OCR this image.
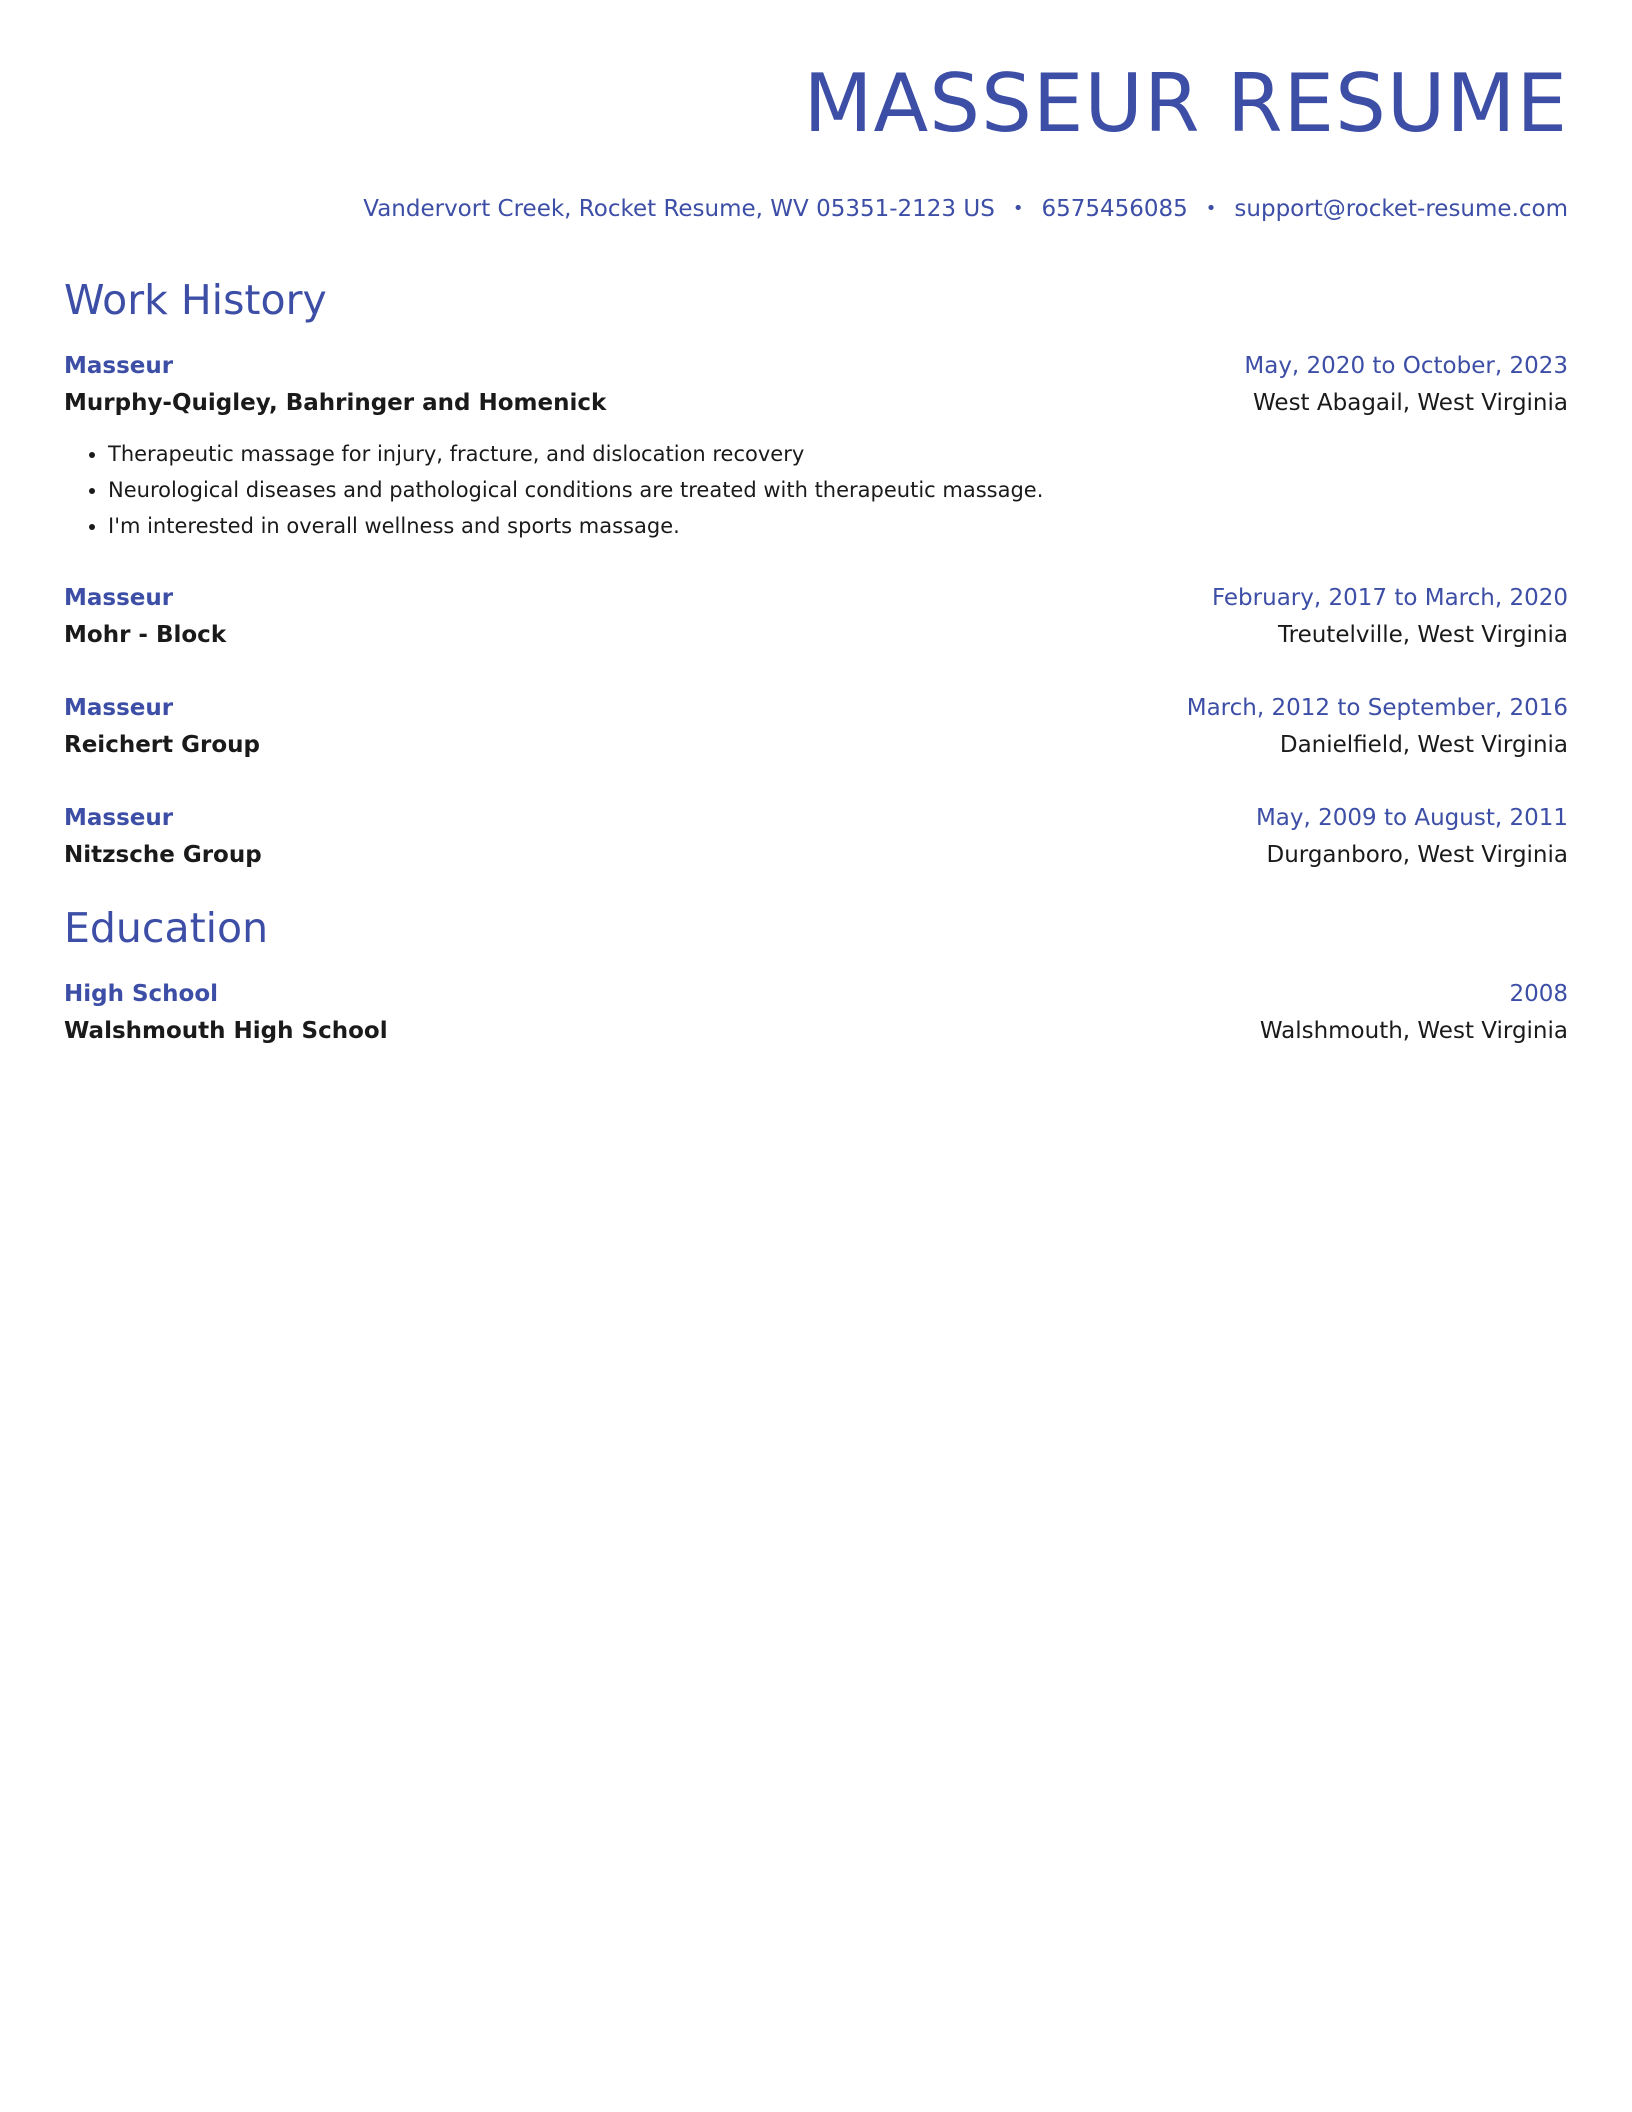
MASSEUR RESUME
Vandervort Creek, Rocket Resume, WV 05351-2123 US • 6575456085 • support@rocket-resume.com
Work History
Masseur	May, 2020 to October, 2023
Murphy-Quigley, Bahringer and Homenick	West Abagail, West Virginia
• Therapeutic massage for injury, fracture, and dislocation recovery
• Neurological diseases and pathological conditions are treated with therapeutic massage.
• I'm interested in overall wellness and sports massage.
Masseur	February, 2017 to March, 2020
Mohr - Block	Treutelville, West Virginia
Masseur	March, 2012 to September, 2016
Reichert Group	Danielfield, West Virginia
Masseur	May, 2009 to August, 2011
Nitzsche Group	Durganboro, West Virginia
Education
High School	2008
Walshmouth High School	Walshmouth, West Virginia
